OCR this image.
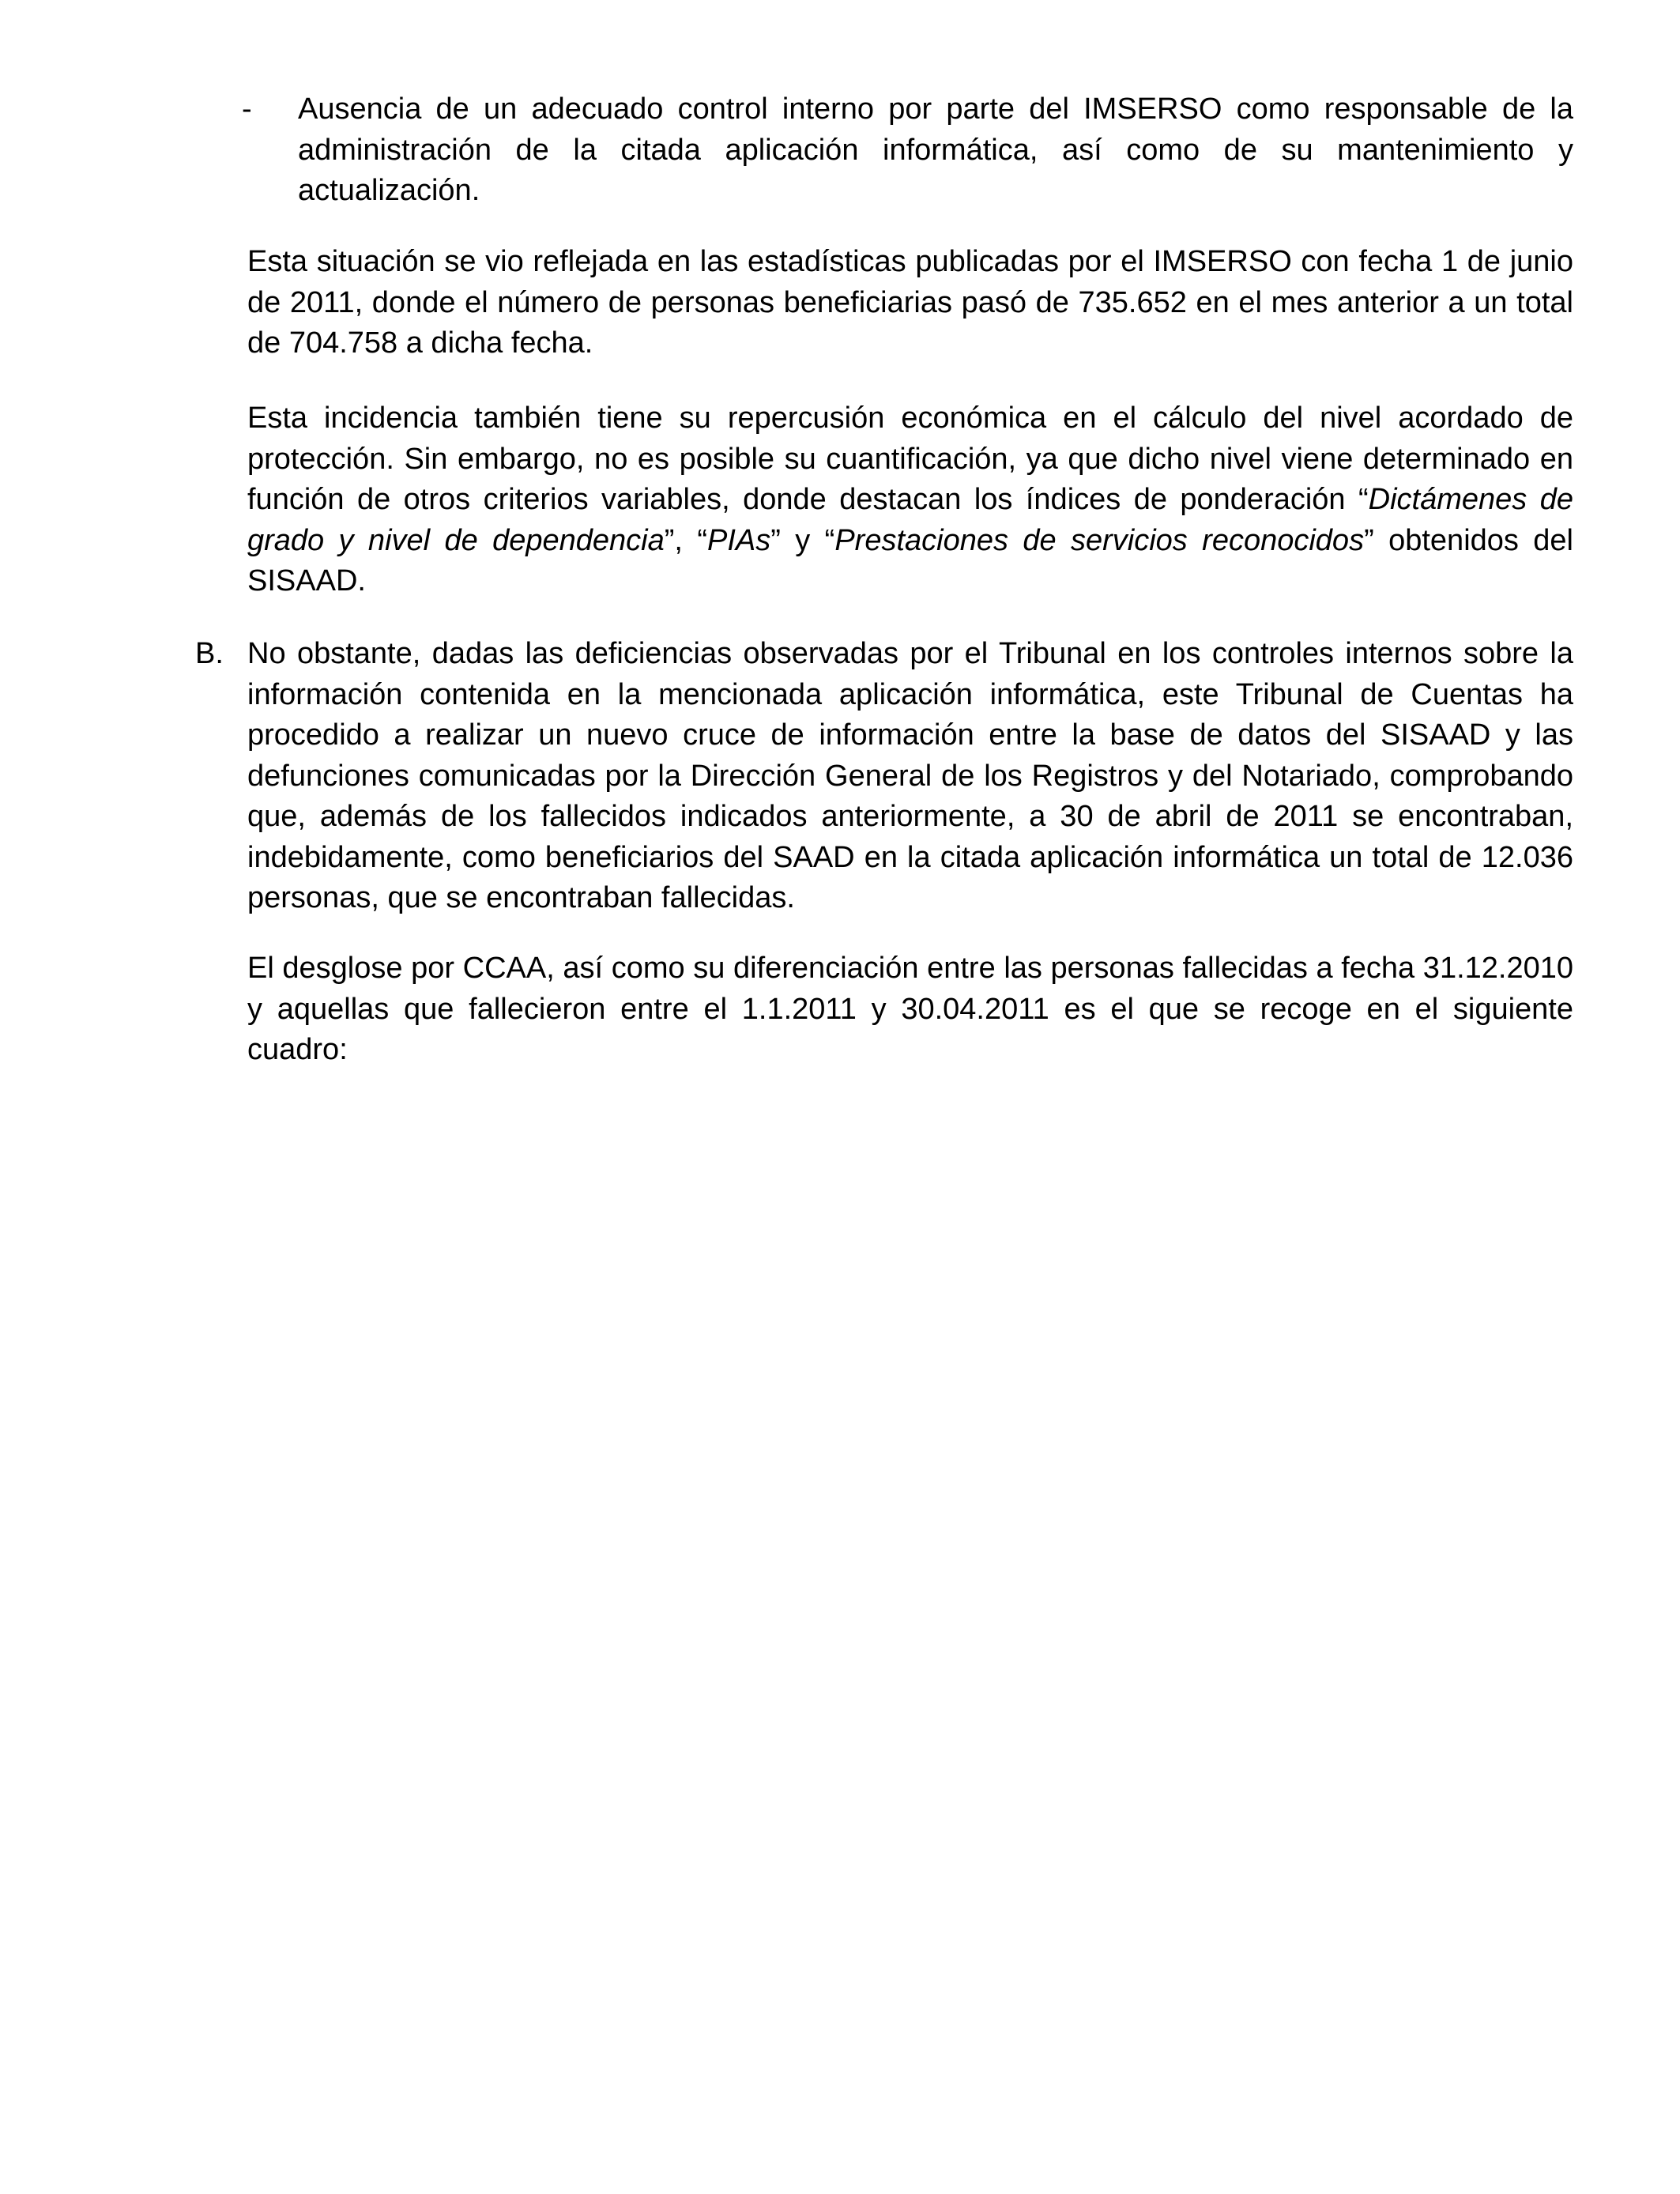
- Ausencia de un adecuado control interno por parte del IMSERSO como responsable de la administración de la citada aplicación informática, así como de su mantenimiento y actualización.
Esta situación se vio reflejada en las estadísticas publicadas por el IMSERSO con fecha 1 de junio de 2011, donde el número de personas beneficiarias pasó de 735.652 en el mes anterior a un total de 704.758 a dicha fecha.
Esta incidencia también tiene su repercusión económica en el cálculo del nivel acordado de protección. Sin embargo, no es posible su cuantificación, ya que dicho nivel viene determinado en función de otros criterios variables, donde destacan los índices de ponderación “Dictámenes de grado y nivel de dependencia”, “PIAs” y “Prestaciones de servicios reconocidos” obtenidos del SISAAD.
B. No obstante, dadas las deficiencias observadas por el Tribunal en los controles internos sobre la información contenida en la mencionada aplicación informática, este Tribunal de Cuentas ha procedido a realizar un nuevo cruce de información entre la base de datos del SISAAD y las defunciones comunicadas por la Dirección General de los Registros y del Notariado, comprobando que, además de los fallecidos indicados anteriormente, a 30 de abril de 2011 se encontraban, indebidamente, como beneficiarios del SAAD en la citada aplicación informática un total de 12.036 personas, que se encontraban fallecidas.
El desglose por CCAA, así como su diferenciación entre las personas fallecidas a fecha 31.12.2010 y aquellas que fallecieron entre el 1.1.2011 y 30.04.2011 es el que se recoge en el siguiente cuadro:
